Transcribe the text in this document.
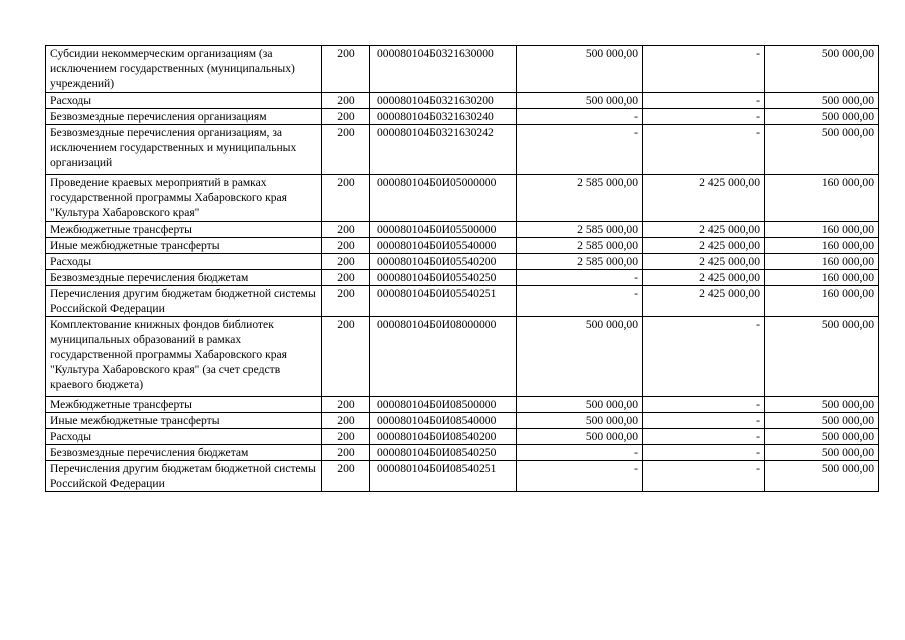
Субсидии некоммерческим организациям (за исключением государственных (муниципальных) учреждений)	200	000080104Б0321630000	500 000,00	-	500 000,00
Расходы	200	000080104Б0321630200	500 000,00	-	500 000,00
Безвозмездные перечисления организациям	200	000080104Б0321630240	-	-	500 000,00
Безвозмездные перечисления организациям, за исключением государственных и муниципальных организаций	200	000080104Б0321630242	-	-	500 000,00
Проведение краевых мероприятий в рамках государственной программы Хабаровского края "Культура Хабаровского края"	200	000080104Б0И05000000	2 585 000,00	2 425 000,00	160 000,00
Межбюджетные трансферты	200	000080104Б0И05500000	2 585 000,00	2 425 000,00	160 000,00
Иные межбюджетные трансферты	200	000080104Б0И05540000	2 585 000,00	2 425 000,00	160 000,00
Расходы	200	000080104Б0И05540200	2 585 000,00	2 425 000,00	160 000,00
Безвозмездные перечисления бюджетам	200	000080104Б0И05540250	-	2 425 000,00	160 000,00
Перечисления другим бюджетам бюджетной системы Российской Федерации	200	000080104Б0И05540251	-	2 425 000,00	160 000,00
Комплектование книжных фондов библиотек муниципальных образований в рамках государственной программы Хабаровского края "Культура Хабаровского края" (за счет средств краевого бюджета)	200	000080104Б0И08000000	500 000,00	-	500 000,00
Межбюджетные трансферты	200	000080104Б0И08500000	500 000,00	-	500 000,00
Иные межбюджетные трансферты	200	000080104Б0И08540000	500 000,00	-	500 000,00
Расходы	200	000080104Б0И08540200	500 000,00	-	500 000,00
Безвозмездные перечисления бюджетам	200	000080104Б0И08540250	-	-	500 000,00
Перечисления другим бюджетам бюджетной системы Российской Федерации	200	000080104Б0И08540251	-	-	500 000,00
